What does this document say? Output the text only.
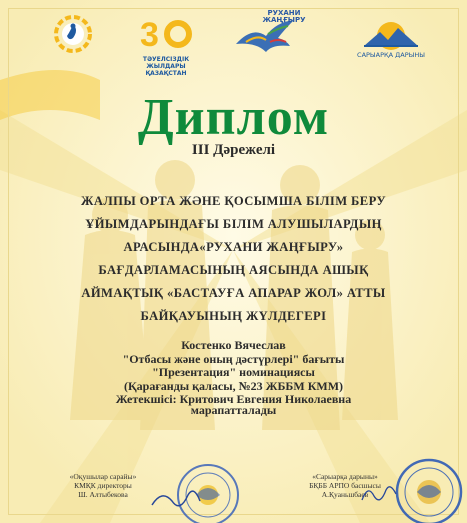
3
ТӘУЕЛСІЗДІК ЖЫЛДАРЫ ҚАЗАҚСТАН
РУХАНИ ЖАҢҒЫРУ
САРЫАРҚА ДАРЫНЫ
Диплом
III Дәрежелі
ЖАЛПЫ ОРТА ЖӘНЕ ҚОСЫМША БІЛІМ БЕРУ
ҰЙЫМДАРЫНДАҒЫ БІЛІМ АЛУШЫЛАРДЫҢ
АРАСЫНДА«РУХАНИ ЖАҢҒЫРУ»
БАҒДАРЛАМАСЫНЫҢ АЯСЫНДА АШЫҚ
АЙМАҚТЫҚ «БАСТАУҒА АПАРАР ЖОЛ» АТТЫ
БАЙҚАУЫНЫҢ ЖҮЛДЕГЕРІ
Костенко Вячеслав
"Отбасы және оның дәстүрлері" бағыты
"Презентация" номинациясы
(Қарағанды қаласы, №23 ЖББМ КММ)
Жетекшісі: Критович Евгения Николаевна
марапатталады
«Оқушылар сарайы»
КМҚК директоры
Ш. Алтыбекова
«Сарыарқа дарыны»
БҚББ АРПО басшысы
А.Қуаньшбаев
